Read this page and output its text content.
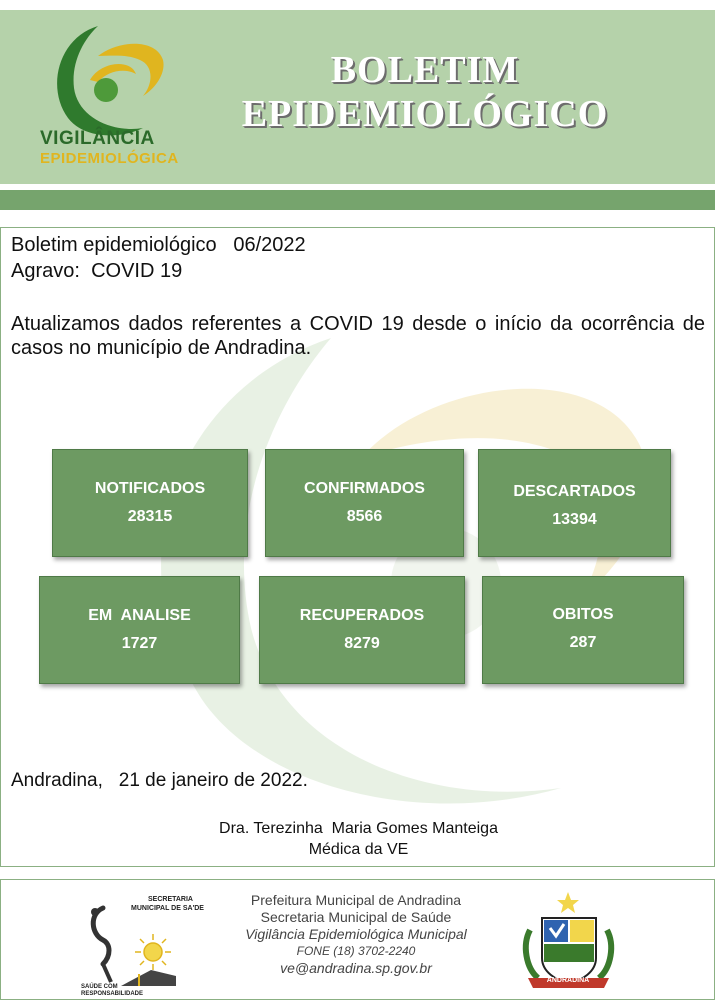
VIGILÂNCIA
EPIDEMIOLÓGICA
BOLETIM
EPIDEMIOLÓGICO
Boletim epidemiológico 06/2022
Agravo: COVID 19
Atualizamos dados referentes a COVID 19 desde o início da ocorrência de casos no município de Andradina.
NOTIFICADOS
28315
CONFIRMADOS
8566
DESCARTADOS
13394
EM  ANALISE
1727
RECUPERADOS
8279
OBITOS
287
Andradina, 21 de janeiro de 2022.
Dra. Terezinha  Maria Gomes Manteiga
Médica da VE
SECRETARIA
MUNICIPAL DE SA'DE
SAÚDE COM
RESPONSABILIDADE
Prefeitura Municipal de Andradina
Secretaria Municipal de Saúde
Vigilância Epidemiológica Municipal
FONE (18) 3702-2240
ve@andradina.sp.gov.br
ANDRADINA
